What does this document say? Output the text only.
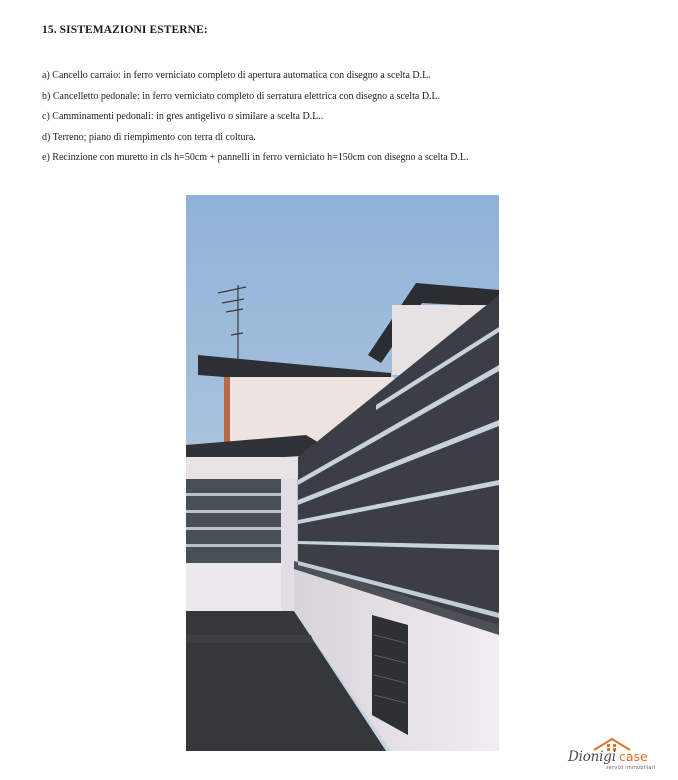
15. SISTEMAZIONI ESTERNE:
a) Cancello carraio: in ferro verniciato completo di apertura automatica con disegno a scelta D.L.
b) Cancelletto pedonale: in ferro verniciato completo di serratura elettrica con disegno a scelta D.L.
c) Camminamenti pedonali: in gres antigelivo o similare a scelta D.L..
d) Terreno; piano di riempimento con terra di coltura.
e) Recinzione con muretto in cls h=50cm + pannelli in ferro verniciato h=150cm con disegno a scelta D.L.
Dionigi case
servizi immobiliari
